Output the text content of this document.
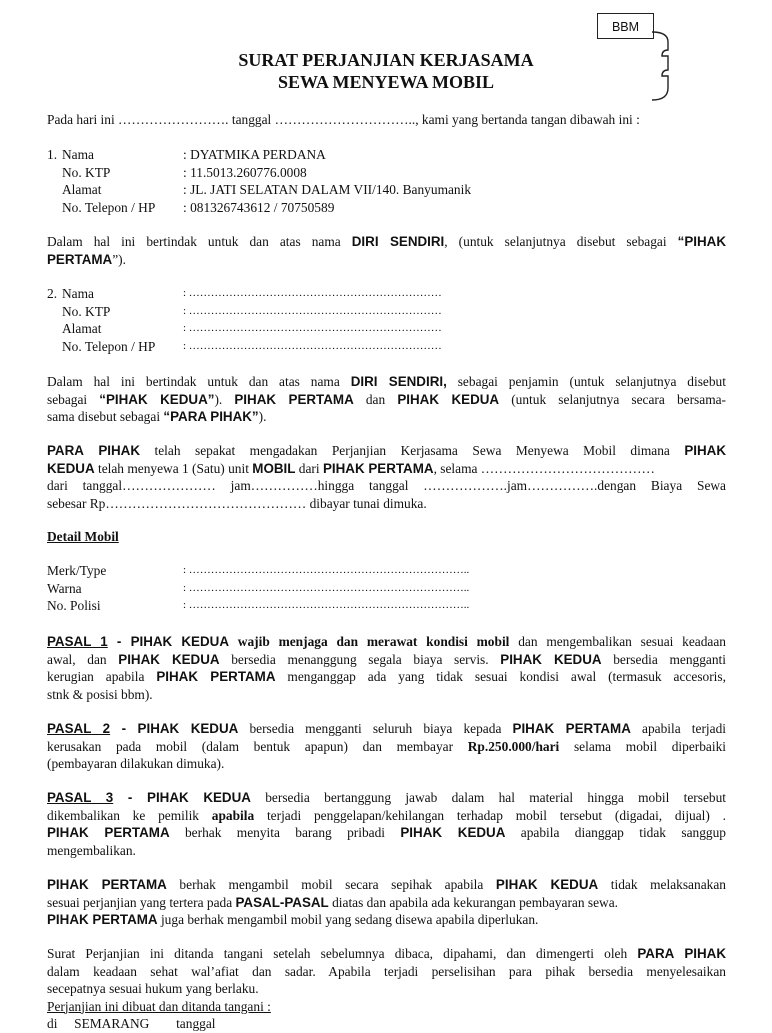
BBM
SURAT PERJANJIAN KERJASAMA
SEWA MENYEWA MOBIL
Pada hari ini ……………………. tanggal ………………………….., kami yang bertanda tangan dibawah ini :
1. Nama	: DYATMIKA PERDANA
No. KTP	: 11.5013.260776.0008
Alamat	: JL. JATI SELATAN DALAM VII/140. Banyumanik
No. Telepon / HP : 081326743612 / 70750589
Dalam hal ini bertindak untuk dan atas nama DIRI SENDIRI, (untuk selanjutnya disebut sebagai “PIHAK
PERTAMA”).
2. Nama	: ……………………………………………………………
No. KTP	: ……………………………………………………………
Alamat	: ……………………………………………………………
No. Telepon / HP	: ……………………………………………………………
Dalam hal ini bertindak untuk dan atas nama DIRI SENDIRI, sebagai penjamin (untuk selanjutnya disebut
sebagai “PIHAK KEDUA”). PIHAK PERTAMA dan PIHAK KEDUA (untuk selanjutnya secara bersama-
sama disebut sebagai “PARA PIHAK”).
PARA PIHAK telah sepakat mengadakan Perjanjian Kerjasama Sewa Menyewa Mobil dimana PIHAK
KEDUA telah menyewa 1 (Satu) unit MOBIL dari PIHAK PERTAMA, selama …………………………………
dari tanggal………………… jam……………hingga tanggal ……………….jam…………….dengan Biaya Sewa
sebesar Rp……………………………………… dibayar tunai dimuka.
Detail Mobil
Merk/Type	: …………………………………………………………………..
Warna	: …………………………………………………………………..
No. Polisi	: …………………………………………………………………..
PASAL 1 - PIHAK KEDUA wajib menjaga dan merawat kondisi mobil dan mengembalikan sesuai keadaan
awal, dan PIHAK KEDUA bersedia menanggung segala biaya servis. PIHAK KEDUA bersedia mengganti
kerugian apabila PIHAK PERTAMA menganggap ada yang tidak sesuai kondisi awal (termasuk accesoris,
stnk & posisi bbm).
PASAL 2 - PIHAK KEDUA bersedia mengganti seluruh biaya kepada PIHAK PERTAMA apabila terjadi
kerusakan pada mobil (dalam bentuk apapun) dan membayar Rp.250.000/hari selama mobil diperbaiki
(pembayaran dilakukan dimuka).
PASAL 3 - PIHAK KEDUA bersedia bertanggung jawab dalam hal material hingga mobil tersebut
dikembalikan ke pemilik apabila terjadi penggelapan/kehilangan terhadap mobil tersebut (digadai, dijual) .
PIHAK PERTAMA berhak menyita barang pribadi PIHAK KEDUA apabila dianggap tidak sanggup
mengembalikan.
PIHAK PERTAMA berhak mengambil mobil secara sepihak apabila PIHAK KEDUA tidak melaksanakan
sesuai perjanjian yang tertera pada PASAL-PASAL diatas dan apabila ada kekurangan pembayaran sewa.
PIHAK PERTAMA juga berhak mengambil mobil yang sedang disewa apabila diperlukan.
Surat Perjanjian ini ditanda tangani setelah sebelumnya dibaca, dipahami, dan dimengerti oleh PARA PIHAK
dalam keadaan sehat wal’afiat dan sadar. Apabila terjadi perselisihan para pihak bersedia menyelesaikan
secepatnya sesuai hukum yang berlaku.
Perjanjian ini dibuat dan ditanda tangani :
di     SEMARANG        tanggal
